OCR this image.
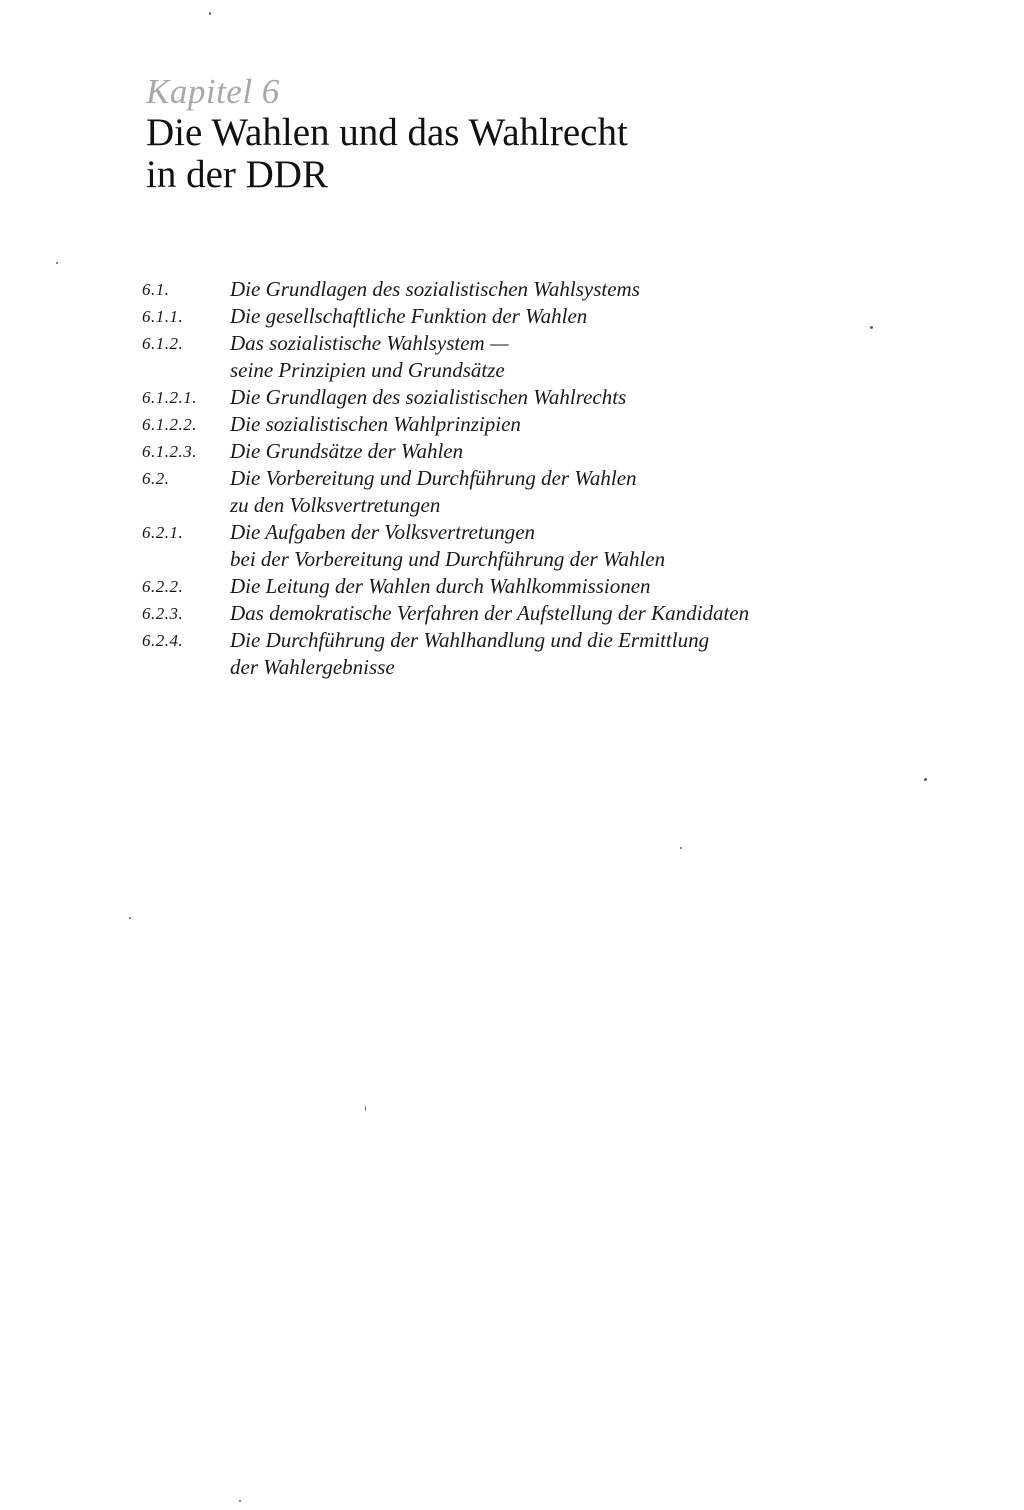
Kapitel 6
Die Wahlen und das Wahlrecht
in der DDR
6.1.	Die Grundlagen des sozialistischen Wahlsystems
6.1.1.	Die gesellschaftliche Funktion der Wahlen
6.1.2.	Das sozialistische Wahlsystem —
seine Prinzipien und Grundsätze
6.1.2.1.	Die Grundlagen des sozialistischen Wahlrechts
6.1.2.2.	Die sozialistischen Wahlprinzipien
6.1.2.3.	Die Grundsätze der Wahlen
6.2.	Die Vorbereitung und Durchführung der Wahlen
zu den Volksvertretungen
6.2.1.	Die Aufgaben der Volksvertretungen
bei der Vorbereitung und Durchführung der Wahlen
6.2.2.	Die Leitung der Wahlen durch Wahlkommissionen
6.2.3.	Das demokratische Verfahren der Aufstellung der Kandidaten
6.2.4.	Die Durchführung der Wahlhandlung und die Ermittlung
der Wahlergebnisse
